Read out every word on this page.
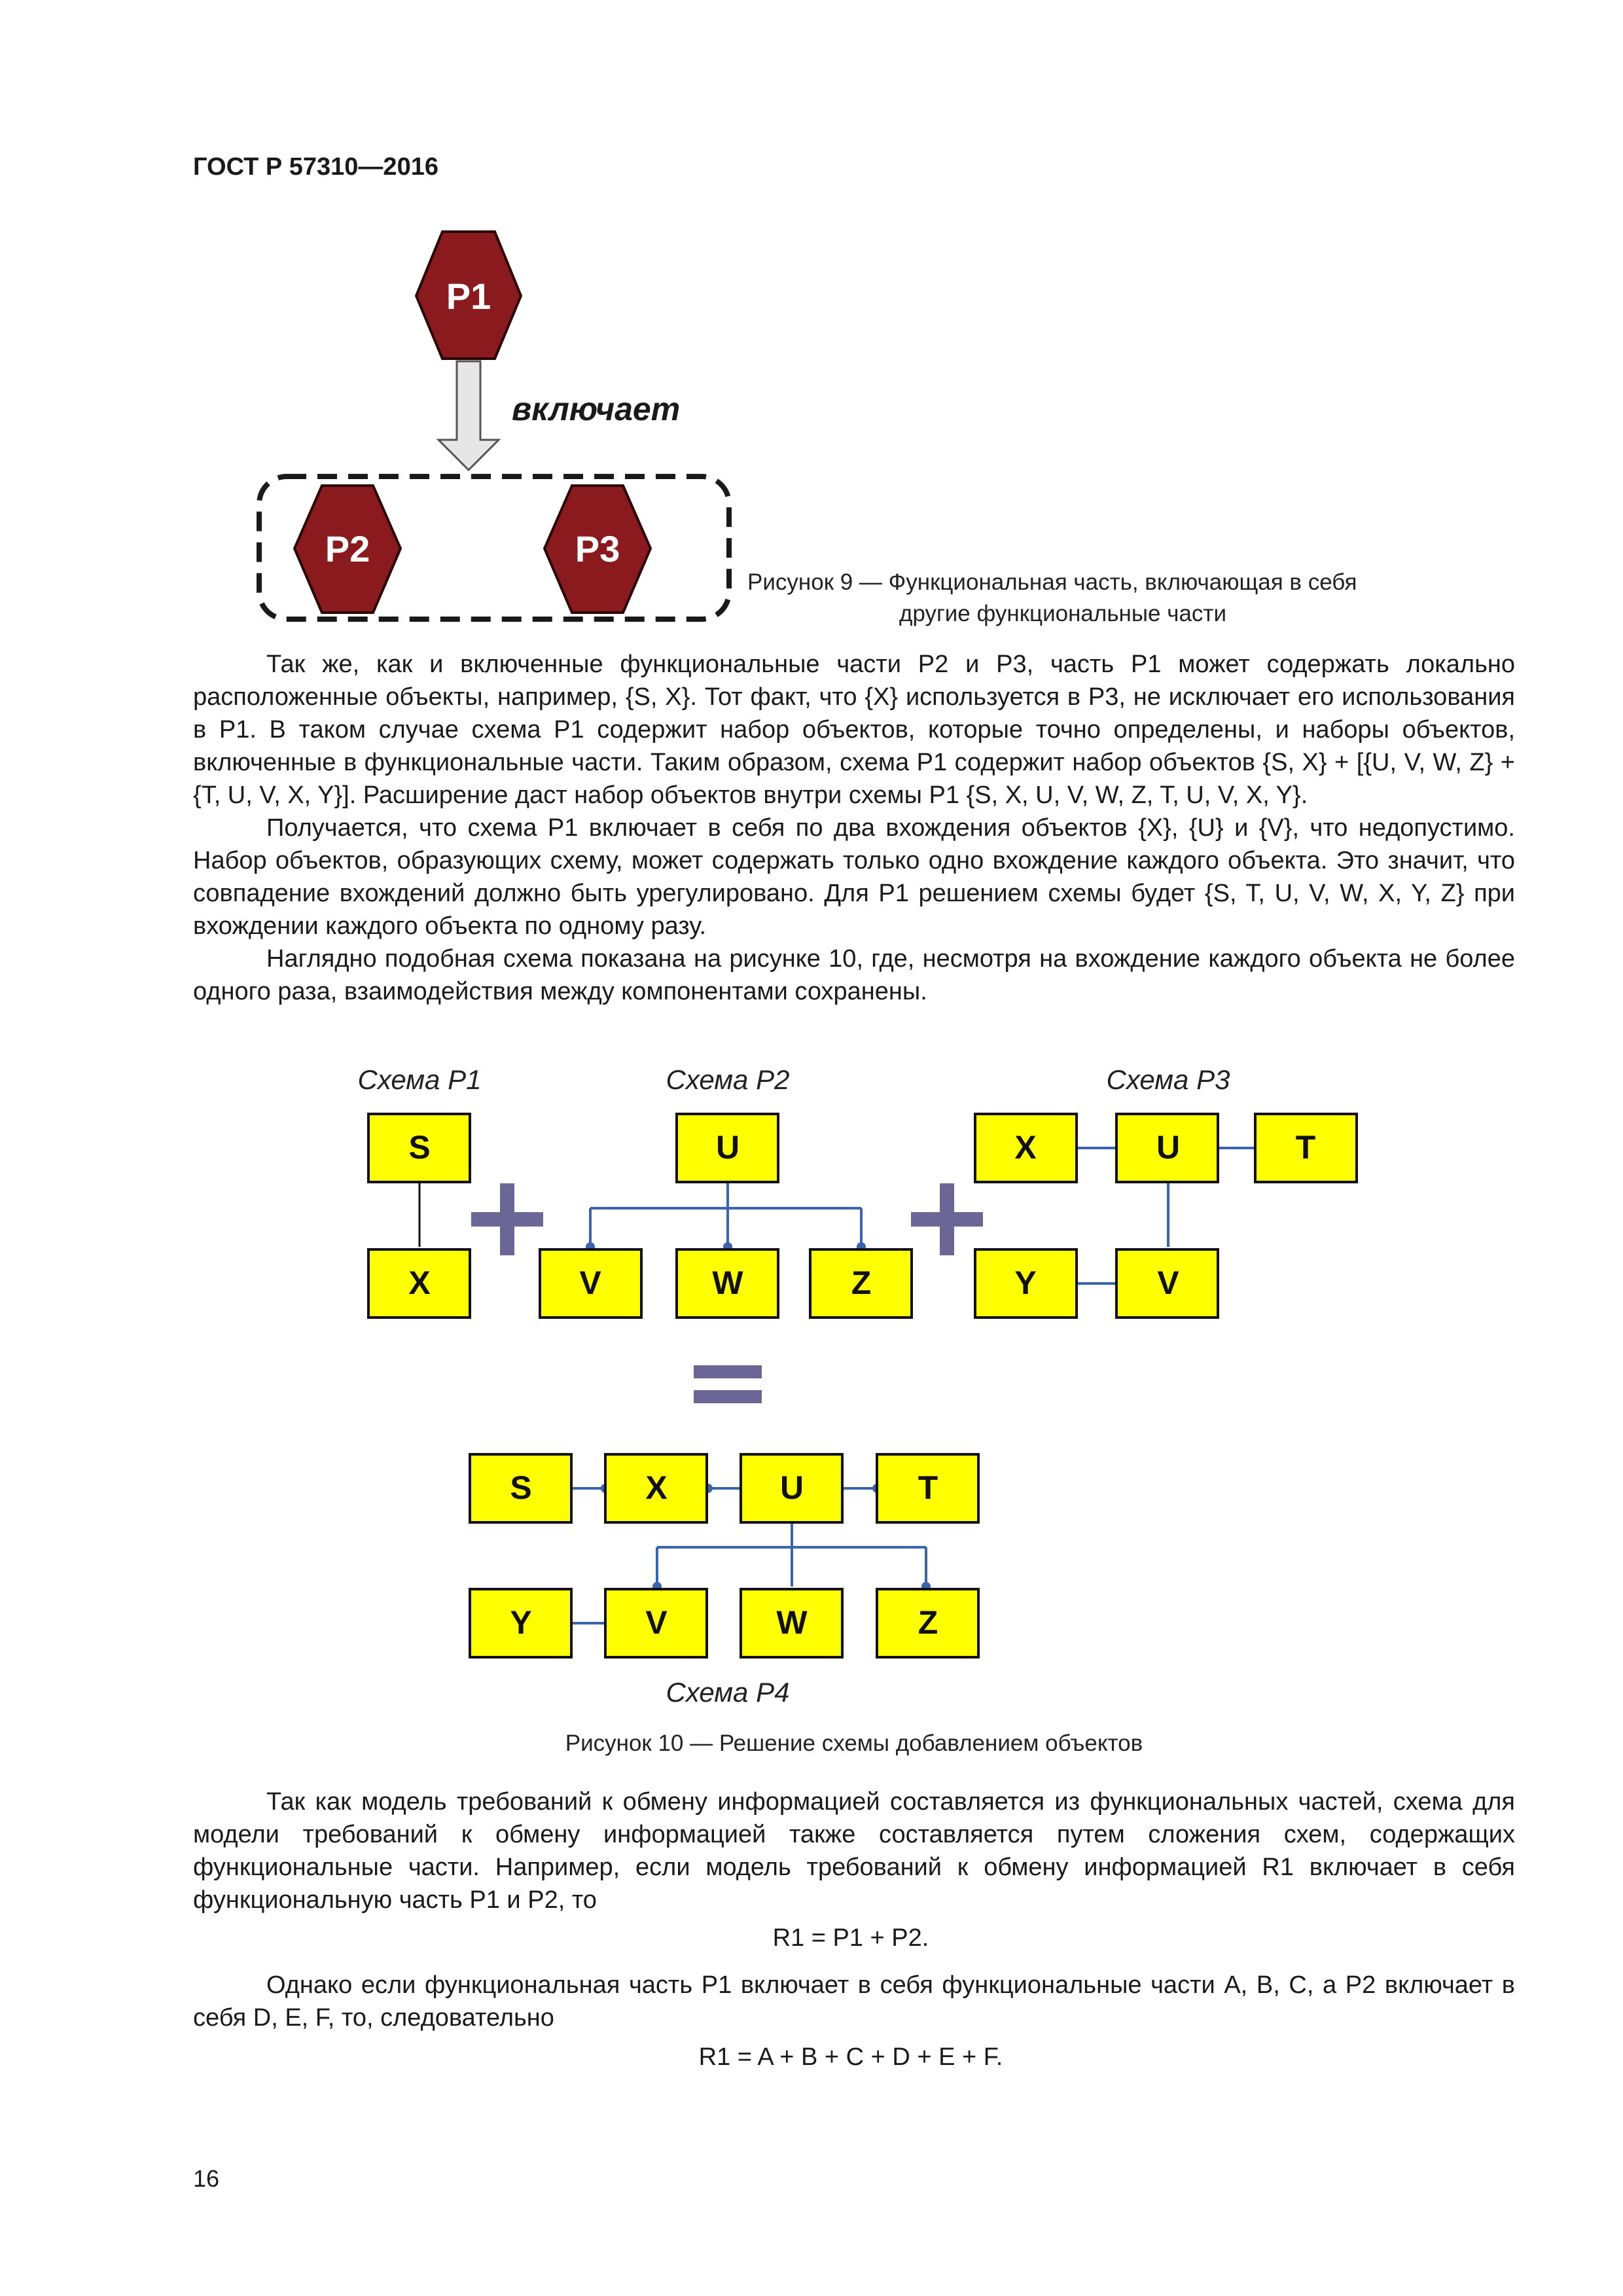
ГОСТ Р 57310—2016
P1
включает
P2	P3
Рисунок 9 — Функциональная часть, включающая в себя
другие функциональные части

Так же, как и включенные функциональные части P2 и P3, часть P1 может содержать локально расположенные объекты, например, {S, X}. Тот факт, что {X} используется в P3, не исключает его использования в P1. В таком случае схема P1 содержит набор объектов, которые точно определены, и наборы объектов, включенные в функциональные части. Таким образом, схема P1 содержит набор объектов {S, X} + [{U, V, W, Z} + {T, U, V, X, Y}]. Расширение даст набор объектов внутри схемы P1 {S, X, U, V, W, Z, T, U, V, X, Y}.

Получается, что схема P1 включает в себя по два вхождения объектов {X}, {U} и {V}, что недопустимо. Набор объектов, образующих схему, может содержать только одно вхождение каждого объекта. Это значит, что совпадение вхождений должно быть урегулировано. Для P1 решением схемы будет {S, T, U, V, W, X, Y, Z} при вхождении каждого объекта по одному разу.

Наглядно подобная схема показана на рисунке 10, где, несмотря на вхождение каждого объекта не более одного раза, взаимодействия между компонентами сохранены.

Схема P1	Схема P2	Схема P3
S
X
U
V	W	Z
X	U	T
Y	V
S	X	U	T
Y	V	W	Z
Схема P4
Рисунок 10 — Решение схемы добавлением объектов

Так как модель требований к обмену информацией составляется из функциональных частей, схема для модели требований к обмену информацией также составляется путем сложения схем, содержащих функциональные части. Например, если модель требований к обмену информацией R1 включает в себя функциональную часть P1 и P2, то

R1 = P1 + P2.

Однако если функциональная часть P1 включает в себя функциональные части A, B, C, а P2 включает в себя D, E, F, то, следовательно

R1 = A + B + C + D + E + F.
16
